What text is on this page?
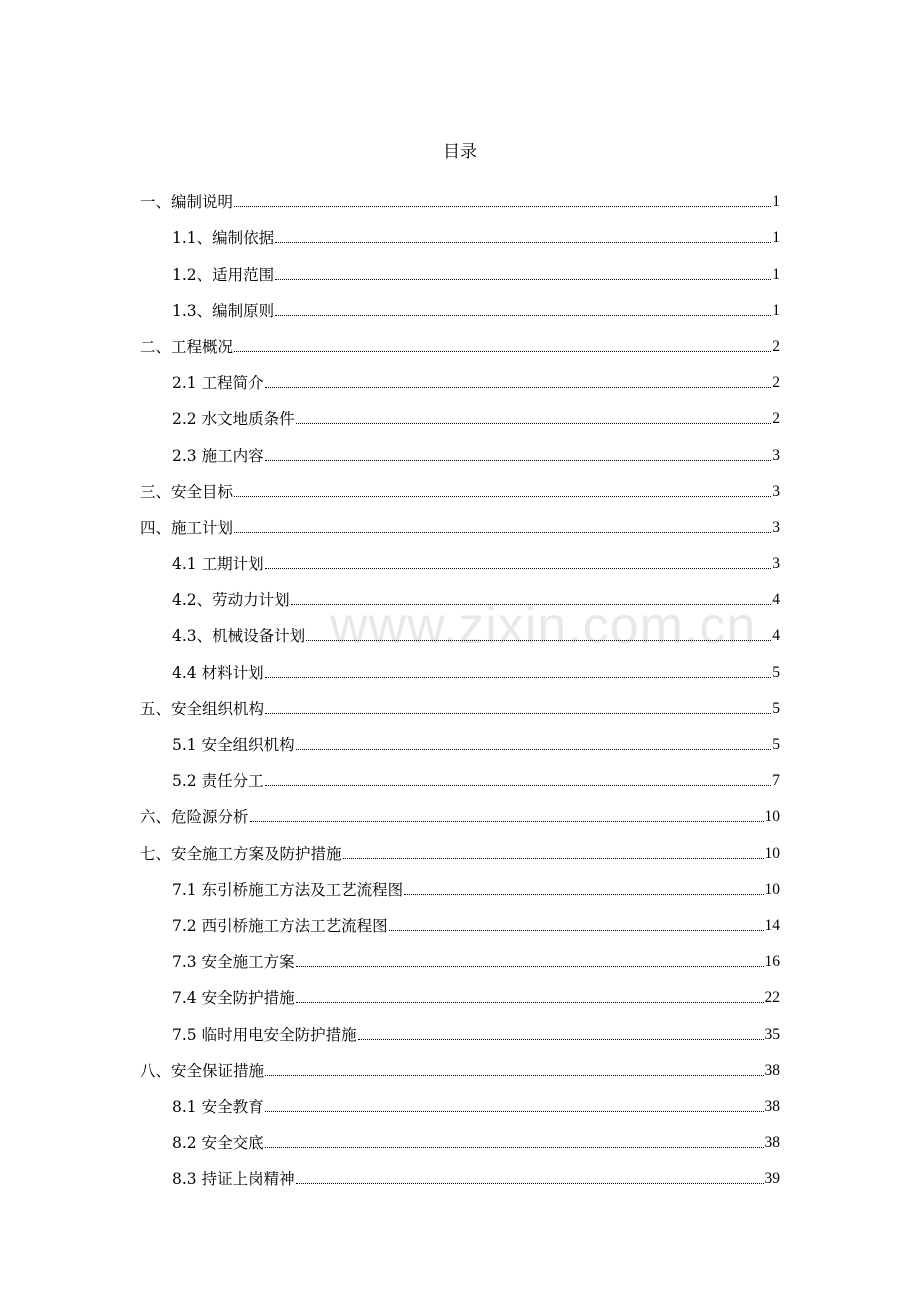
目录
一、编制说明	1
1.1、编制依据	1
1.2、适用范围	1
1.3、编制原则	1
二、工程概况	2
2.1 工程简介	2
2.2 水文地质条件	2
2.3 施工内容	3
三、安全目标	3
四、施工计划	3
4.1 工期计划	3
4.2、劳动力计划	4
4.3、机械设备计划	4
4.4 材料计划	5
五、安全组织机构	5
5.1 安全组织机构	5
5.2 责任分工	7
六、危险源分析	10
七、安全施工方案及防护措施	10
7.1 东引桥施工方法及工艺流程图	10
7.2 西引桥施工方法工艺流程图	14
7.3 安全施工方案	16
7.4 安全防护措施	22
7.5 临时用电安全防护措施	35
八、安全保证措施	38
8.1 安全教育	38
8.2 安全交底	38
8.3 持证上岗精神	39
www.zixin.com.cn
